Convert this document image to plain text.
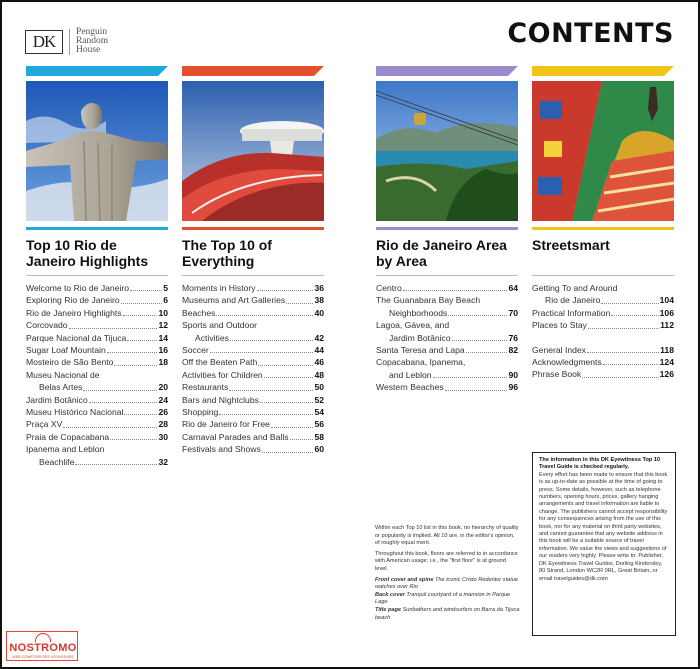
DK	Penguin
Random
House
CONTENTS
Top 10 Rio de Janeiro Highlights
Welcome to Rio de Janeiro	5
Exploring Rio de Janeiro	6
Rio de Janeiro Highlights	10
Corcovado	12
Parque Nacional da Tijuca	14
Sugar Loaf Mountain	16
Mosteiro de São Bento	18
Museu Nacional de
Belas Artes	20
Jardim Botânico	24
Museu Histórico Nacional	26
Praça XV	28
Praia de Copacabana	30
Ipanema and Leblon
Beachlife	32
The Top 10 of Everything
Moments in History	36
Museums and Art Galleries	38
Beaches	40
Sports and Outdoor
Activities	42
Soccer	44
Off the Beaten Path	46
Activities for Children	48
Restaurants	50
Bars and Nightclubs	52
Shopping	54
Rio de Janeiro for Free	56
Carnaval Parades and Balls	58
Festivals and Shows	60
Rio de Janeiro Area by Area
Centro	64
The Guanabara Bay Beach
Neighborhoods	70
Lagoa, Gávea, and
Jardim Botânico	76
Santa Teresa and Lapa	82
Copacabana, Ipanema,
and Leblon	90
Western Beaches	96
Streetsmart
Getting To and Around
Rio de Janeiro	104
Practical Information	106
Places to Stay	112
General Index	118
Acknowledgments	124
Phrase Book	126

Within each Top 10 list in this book, no hierarchy of quality or popularity is implied. All 10 are, in the editor's opinion, of roughly equal merit.

Throughout this book, floors are referred to in accordance with American usage; i.e., the "first floor" is at ground level.

Front cover and spine The iconic Cristo Redentor statue watches over Rio
Back cover Tranquil courtyard of a mansion in Parque Lage
Title page Sunbathers and windsurfers on Barra da Tijuca beach
The information in this DK Eyewitness Top 10 Travel Guide is checked regularly.
Every effort has been made to ensure that this book is as up-to-date as possible at the time of going to press. Some details, however, such as telephone numbers, opening hours, prices, gallery hanging arrangements and travel information are liable to change. The publishers cannot accept responsibility for any consequences arising from the use of this book, nor for any material on third party websites, and cannot guarantee that any website address in this book will be a suitable source of travel information. We value the views and suggestions of our readers very highly. Please write to: Publisher, DK Eyewitness Travel Guides, Dorling Kindersley, 80 Strand, London WC2R 0RL, Great Britain, or email travelguides@dk.com
NOSTROMO
WEB COMPTOIR DES VOYAGEURS
